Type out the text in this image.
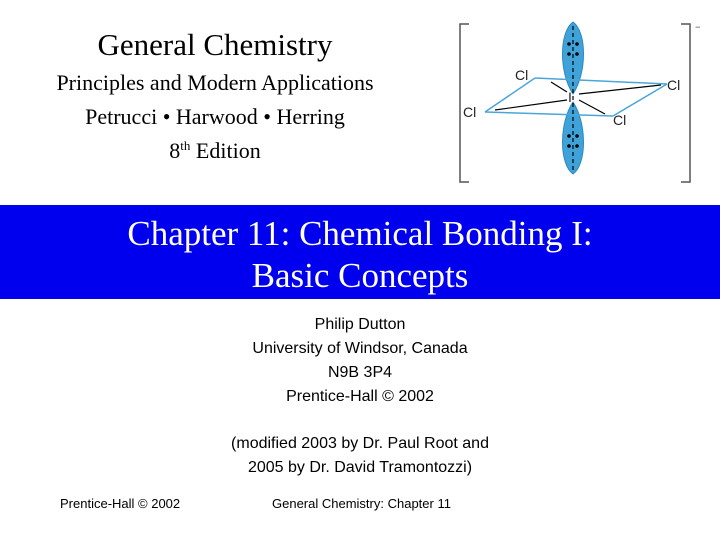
General Chemistry
Principles and Modern Applications
Petrucci • Harwood • Herring
8th Edition
–
I
Cl
Cl
Cl	Cl
Chapter 11: Chemical Bonding I:
Basic Concepts
Philip Dutton
University of Windsor, Canada
N9B 3P4
Prentice-Hall © 2002
(modified 2003 by Dr. Paul Root and
2005 by Dr. David Tramontozzi)
Prentice-Hall © 2002	General Chemistry: Chapter 11
